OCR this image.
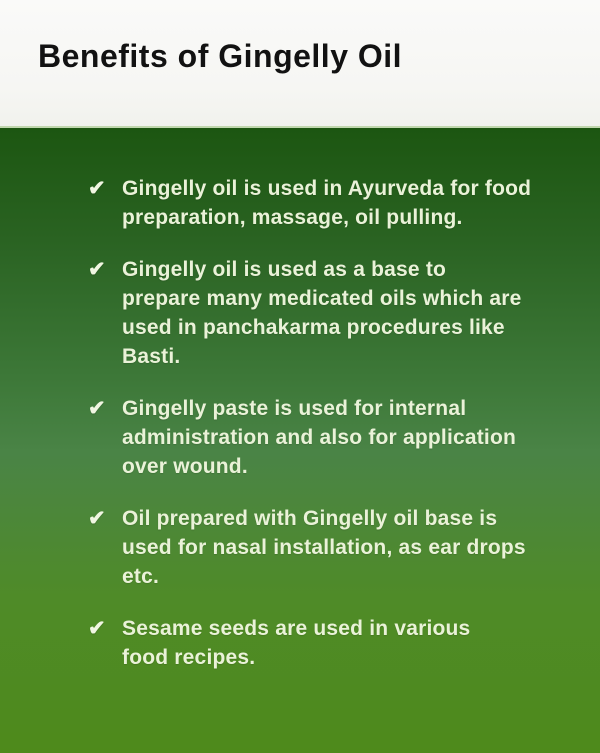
Benefits of Gingelly Oil
✔ Gingelly oil is used in Ayurveda for food
preparation, massage, oil pulling.
✔ Gingelly oil is used as a base to
prepare many medicated oils which are
used in panchakarma procedures like
Basti.
✔ Gingelly paste is used for internal
administration and also for application
over wound.
✔ Oil prepared with Gingelly oil base is
used for nasal installation, as ear drops
etc.
✔ Sesame seeds are used in various
food recipes.
